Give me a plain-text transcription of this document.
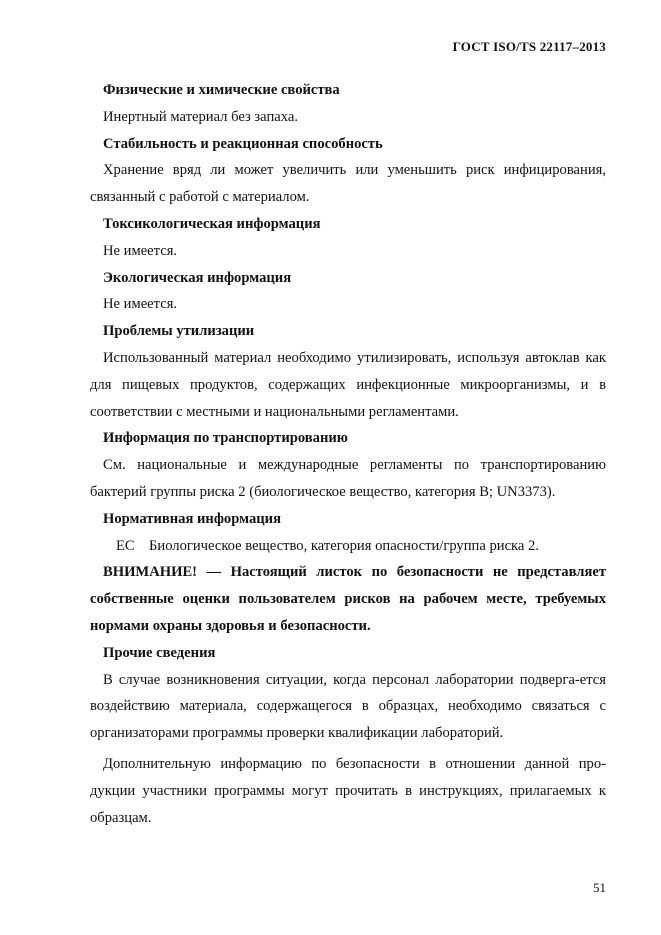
ГОСТ ISO/TS 22117–2013

Физические и химические свойства

Инертный материал без запаха.

Стабильность и реакционная способность

Хранение вряд ли может увеличить или уменьшить риск инфицирования, связанный с работой с материалом.

Токсикологическая информация

Не имеется.

Экологическая информация

Не имеется.

Проблемы утилизации

Использованный материал необходимо утилизировать, используя автоклав как для пищевых продуктов, содержащих инфекционные микроорганизмы, и в соответствии с местными и национальными регламентами.

Информация по транспортированию

См. национальные и международные регламенты по транспортированию бактерий группы риска 2 (биологическое вещество, категория B; UN3373).

Нормативная информация

EC Биологическое вещество, категория опасности/группа риска 2.

ВНИМАНИЕ! — Настоящий листок по безопасности не представляет собственные оценки пользователем рисков на рабочем месте, требуемых нормами охраны здоровья и безопасности.

Прочие сведения

В случае возникновения ситуации, когда персонал лаборатории подверга-ется воздействию материала, содержащегося в образцах, необходимо связаться с организаторами программы проверки квалификации лабораторий.

Дополнительную информацию по безопасности в отношении данной про-дукции участники программы могут прочитать в инструкциях, прилагаемых к образцам.

51
